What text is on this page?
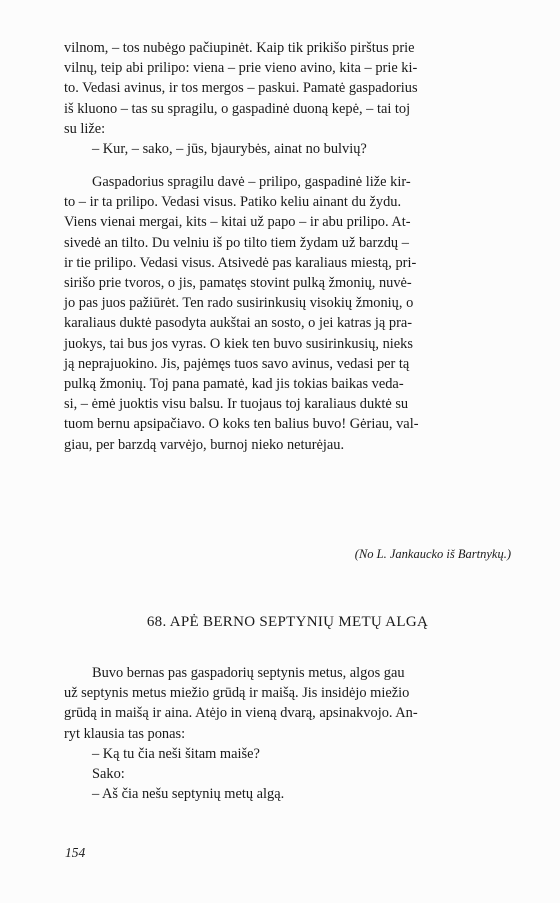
vilnom, – tos nubėgo pačiupinėt. Kaip tik prikišo pirštus prie
vilnų, teip abi prilipo: viena – prie vieno avino, kita – prie ki-
to. Vedasi avinus, ir tos mergos – paskui. Pamatė gaspadorius
iš kluono – tas su spragilu, o gaspadinė duoną kepė, – tai toj
su liže:

– Kur, – sako, – jūs, bjaurybės, ainat no bulvių?

Gaspadorius spragilu davė – prilipo, gaspadinė liže kir-
to – ir ta prilipo. Vedasi visus. Patiko keliu ainant du žydu.
Viens vienai mergai, kits – kitai už papo – ir abu prilipo. At-
sivedė an tilto. Du velniu iš po tilto tiem žydam už barzdų –
ir tie prilipo. Vedasi visus. Atsivedė pas karaliaus miestą, pri-
sirišo prie tvoros, o jis, pamatęs stovint pulką žmonių, nuvė-
jo pas juos pažiūrėt. Ten rado susirinkusių visokių žmonių, o
karaliaus duktė pasodyta aukštai an sosto, o jei katras ją pra-
juokys, tai bus jos vyras. O kiek ten buvo susirinkusių, nieks
ją neprajuokino. Jis, pajėmęs tuos savo avinus, vedasi per tą
pulką žmonių. Toj pana pamatė, kad jis tokias baikas veda-
si, – ėmė juoktis visu balsu. Ir tuojaus toj karaliaus duktė su
tuom bernu apsipačiavo. O koks ten balius buvo! Gėriau, val-
giau, per barzdą varvėjo, burnoj nieko neturėjau.

(No L. Jankaucko iš Bartnykų.)
68. APĖ BERNO SEPTYNIŲ METŲ ALGĄ

Buvo bernas pas gaspadorių septynis metus, algos gau
už septynis metus miežio grūdą ir maišą. Jis insidėjo miežio
grūdą in maišą ir aina. Atėjo in vieną dvarą, apsinakvojo. An-
ryt klausia tas ponas:

– Ką tu čia neši šitam maiše?

Sako:

– Aš čia nešu septynių metų algą.

154
